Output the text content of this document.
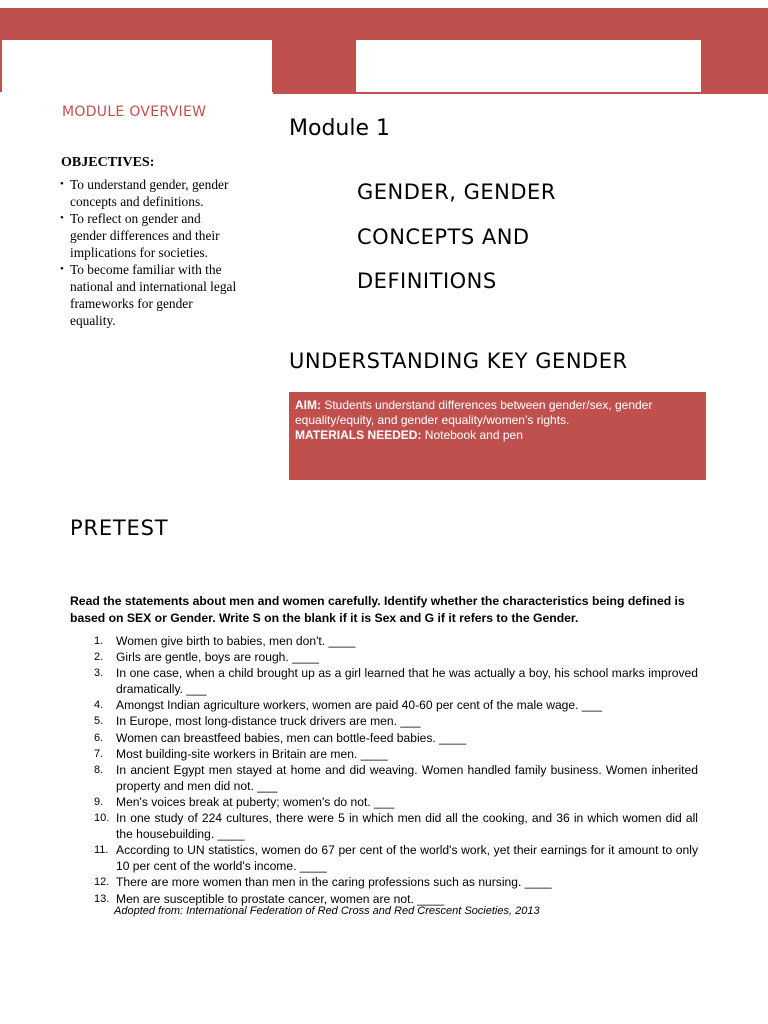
MODULE OVERVIEW
OBJECTIVES:
• To understand gender, gender concepts and definitions.
• To reflect on gender and gender differences and their implications for societies.
• To become familiar with the national and international legal frameworks for gender equality.
Module 1
GENDER, GENDER
CONCEPTS AND
DEFINITIONS
UNDERSTANDING KEY GENDER
AIM: Students understand differences between gender/sex, gender equality/equity, and gender equality/women’s rights.
MATERIALS NEEDED: Notebook and pen
PRETEST
Read the statements about men and women carefully. Identify whether the characteristics being defined is based on SEX or Gender. Write S on the blank if it is Sex and G if it refers to the Gender.
1. Women give birth to babies, men don't. ____
2. Girls are gentle, boys are rough. ____
3. In one case, when a child brought up as a girl learned that he was actually a boy, his school marks improved dramatically. ___
4. Amongst Indian agriculture workers, women are paid 40-60 per cent of the male wage. ___
5. In Europe, most long-distance truck drivers are men. ___
6. Women can breastfeed babies, men can bottle-feed babies. ____
7. Most building-site workers in Britain are men. ____
8. In ancient Egypt men stayed at home and did weaving. Women handled family business. Women inherited property and men did not. ___
9. Men's voices break at puberty; women's do not. ___
10. In one study of 224 cultures, there were 5 in which men did all the cooking, and 36 in which women did all the housebuilding. ____
11. According to UN statistics, women do 67 per cent of the world's work, yet their earnings for it amount to only 10 per cent of the world's income. ____
12. There are more women than men in the caring professions such as nursing. ____
13. Men are susceptible to prostate cancer, women are not. ____
Adopted from: International Federation of Red Cross and Red Crescent Societies, 2013
